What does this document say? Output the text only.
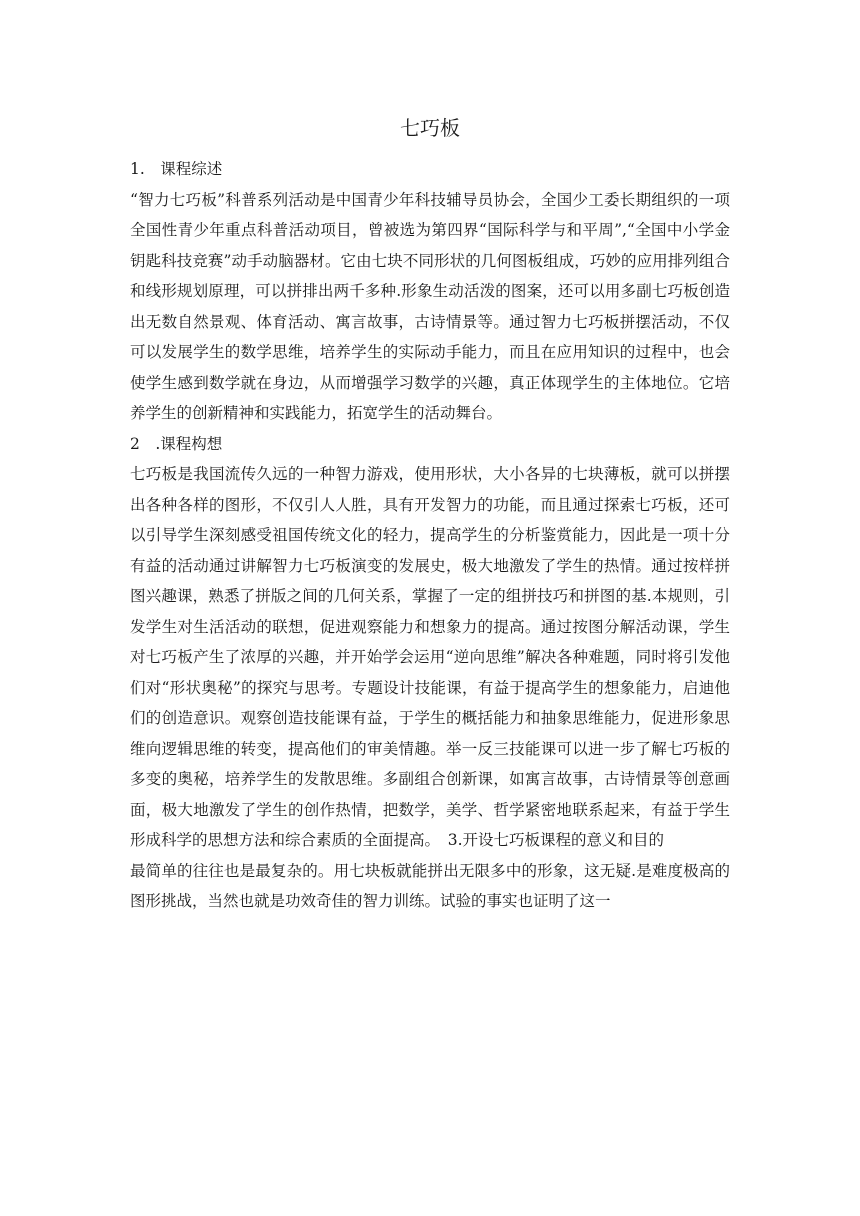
七巧板

1.　课程综述

“智力七巧板”科普系列活动是中国青少年科技辅导员协会，全国少工委长期组织的一项全国性青少年重点科普活动项目，曾被选为第四界“国际科学与和平周”,“全国中小学金钥匙科技竞赛”动手动脑器材。它由七块不同形状的几何图板组成，巧妙的应用排列组合和线形规划原理，可以拼排出两千多种.形象生动活泼的图案，还可以用多副七巧板创造出无数自然景观、体育活动、寓言故事，古诗情景等。通过智力七巧板拼摆活动，不仅可以发展学生的数学思维，培养学生的实际动手能力，而且在应用知识的过程中，也会使学生感到数学就在身边，从而增强学习数学的兴趣，真正体现学生的主体地位。它培养学生的创新精神和实践能力，拓宽学生的活动舞台。

2　.课程构想

七巧板是我国流传久远的一种智力游戏，使用形状，大小各异的七块薄板，就可以拼摆出各种各样的图形，不仅引人人胜，具有开发智力的功能，而且通过探索七巧板，还可以引导学生深刻感受祖国传统文化的轻力，提高学生的分析鉴赏能力，因此是一项十分有益的活动通过讲解智力七巧板演变的发展史，极大地激发了学生的热情。通过按样拼图兴趣课，熟悉了拼版之间的几何关系，掌握了一定的组拼技巧和拼图的基.本规则，引发学生对生活活动的联想，促进观察能力和想象力的提高。通过按图分解活动课，学生对七巧板产生了浓厚的兴趣，并开始学会运用“逆向思维”解决各种难题，同时将引发他们对“形状奥秘”的探究与思考。专题设计技能课，有益于提高学生的想象能力，启迪他们的创造意识。观察创造技能课有益，于学生的概括能力和抽象思维能力，促进形象思维向逻辑思维的转变，提高他们的审美情趣。举一反三技能课可以进一步了解七巧板的多变的奥秘，培养学生的发散思维。多副组合创新课，如寓言故事，古诗情景等创意画面，极大地激发了学生的创作热情，把数学，美学、哲学紧密地联系起来，有益于学生形成科学的思想方法和综合素质的全面提高。　3.开设七巧板课程的意义和目的

最简单的往往也是最复杂的。用七块板就能拼出无限多中的形象，这无疑.是难度极高的图形挑战，当然也就是功效奇佳的智力训练。试验的事实也证明了这一
